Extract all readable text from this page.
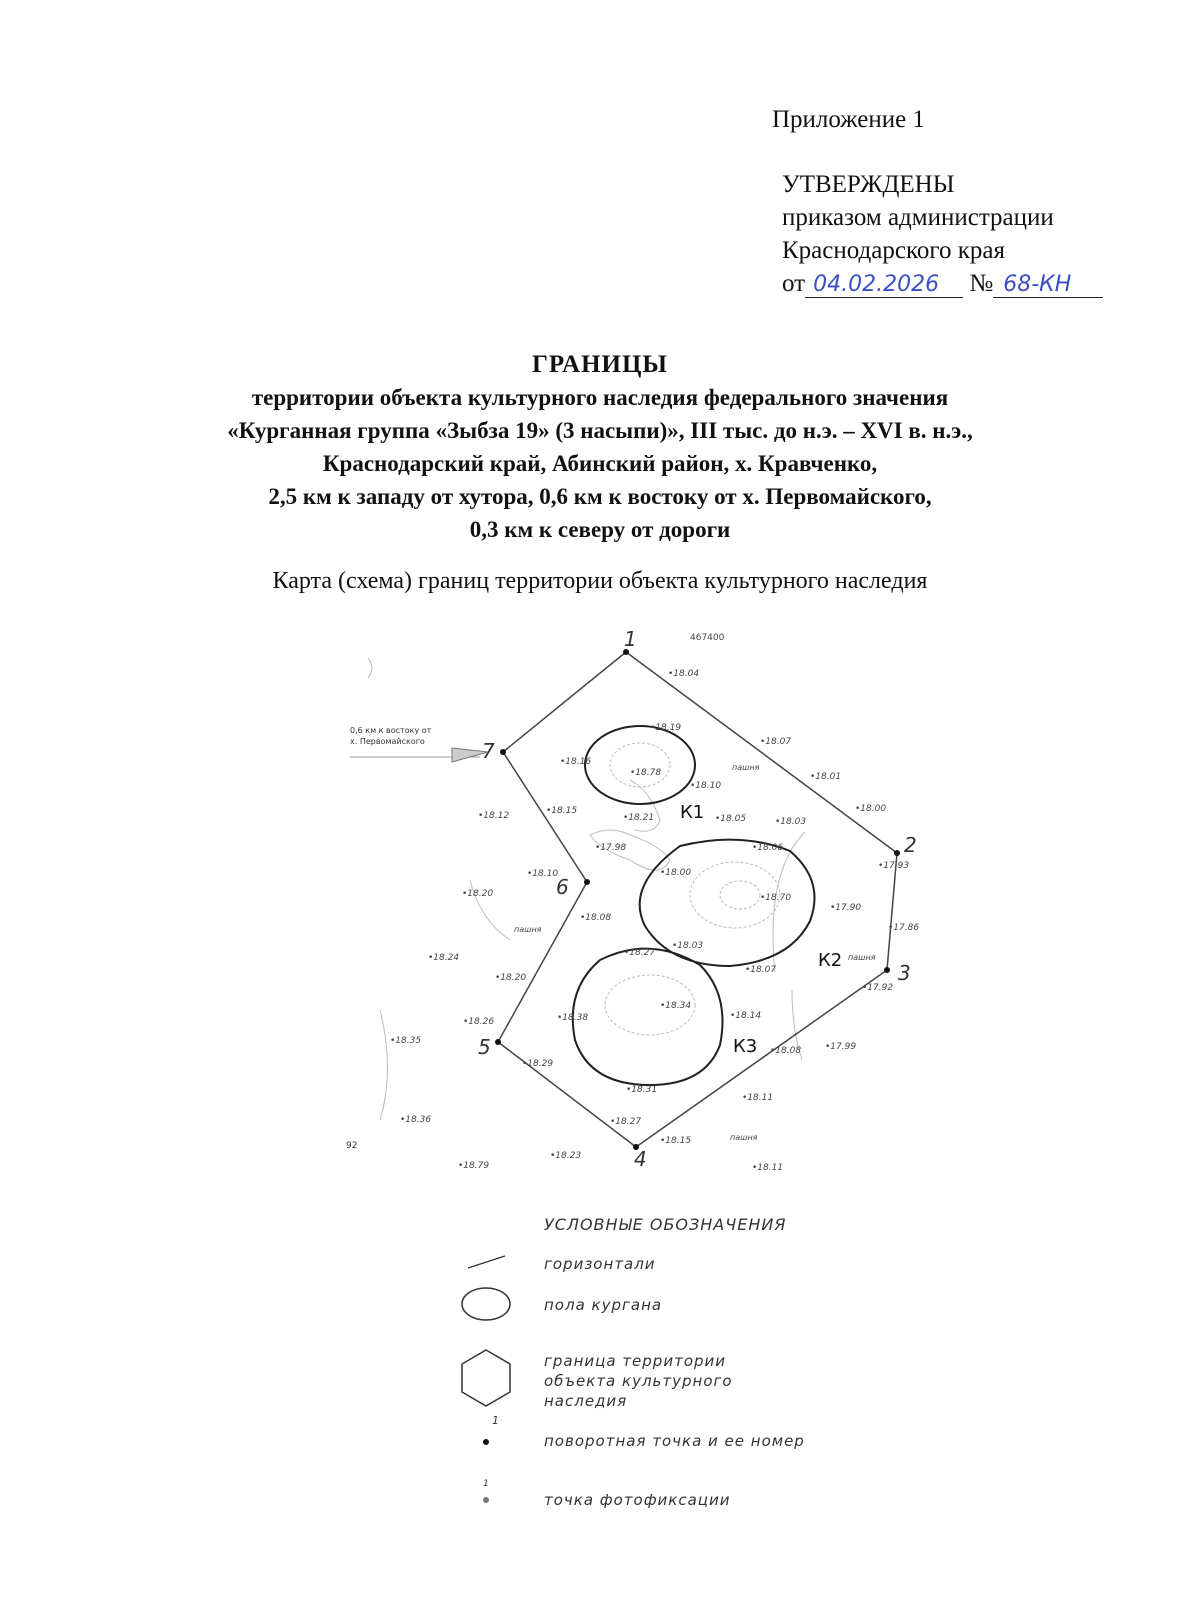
Приложение 1
УТВЕРЖДЕНЫ
приказом администрации
Краснодарского края
от 04.02.2026 № 68-КН
ГРАНИЦЫ
территории объекта культурного наследия федерального значения
«Курганная группа «Зыбза 19» (3 насыпи)», III тыс. до н.э. – XVI в. н.э.,
Краснодарский край, Абинский район, х. Кравченко,
2,5 км к западу от хутора, 0,6 км к востоку от х. Первомайского,
0,3 км к северу от дороги
Карта (схема) границ территории объекта культурного наследия
1
2
3
4
5
6
7
К1
К2
К3
467400
0,6 км к востоку от
х. Первомайского
92
пашня
пашня
пашня
пашня
•18.04
•18.19
•18.16
•18.78
•18.10
•18.15
•18.21
•18.07
•18.01
•18.00
•18.05	•18.03
•17.98	•18.06
•17.93
•18.00
•18.70
•17.90
•17.86
•18.12
•18.10
•18.20
•18.08
•18.27
•18.03
•18.07
•18.24
•18.20
•18.26	•18.38
•18.34
•18.14
•18.08	•17.99
•18.35
•18.29
•18.31
•18.11
•18.36	•18.27
•18.15
•18.23
•18.79	•18.11
•17.92
УСЛОВНЫЕ ОБОЗНАЧЕНИЯ
1
1
горизонтали
пола кургана
граница территории
объекта культурного
наследия
поворотная точка и ее номер
точка фотофиксации
